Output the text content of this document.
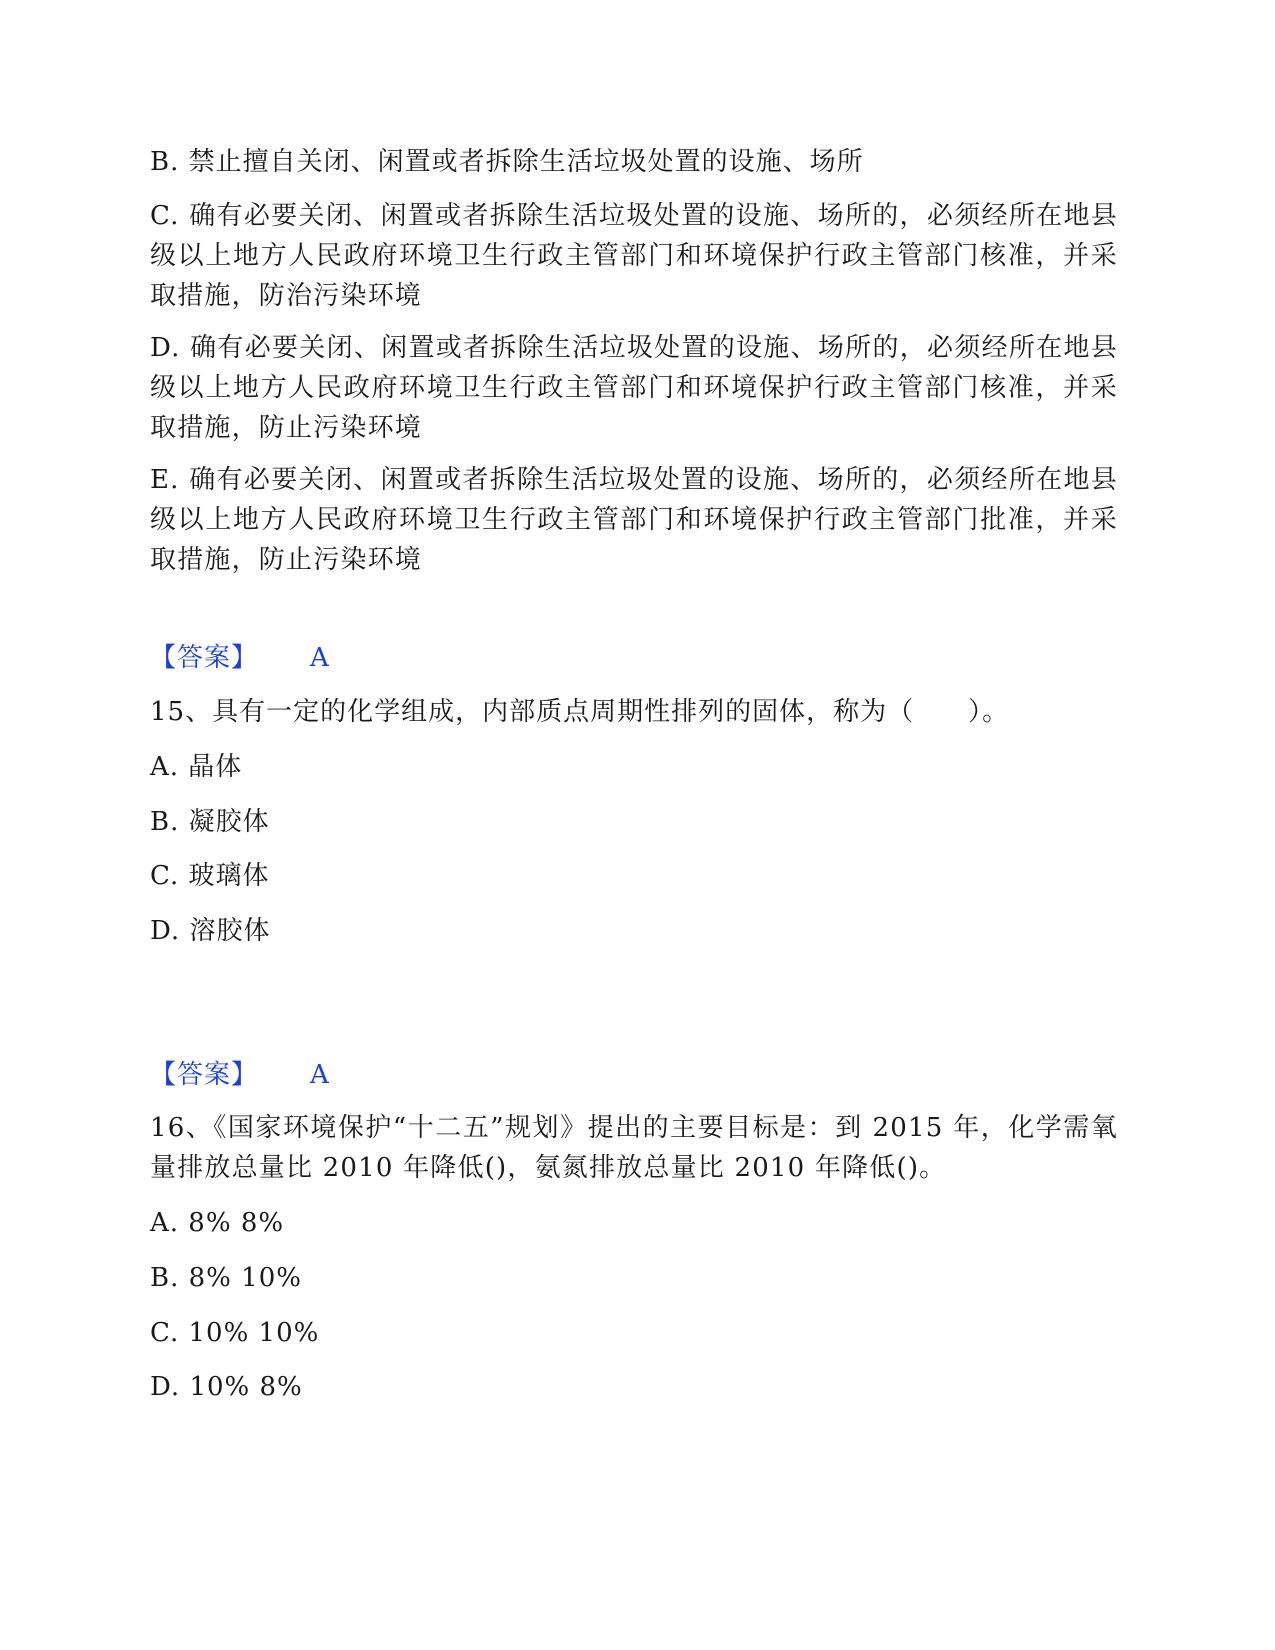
B. 禁止擅自关闭、闲置或者拆除生活垃圾处置的设施、场所
C. 确有必要关闭、闲置或者拆除生活垃圾处置的设施、场所的，必须经所在地县级以上地方人民政府环境卫生行政主管部门和环境保护行政主管部门核准，并采取措施，防治污染环境
D. 确有必要关闭、闲置或者拆除生活垃圾处置的设施、场所的，必须经所在地县级以上地方人民政府环境卫生行政主管部门和环境保护行政主管部门核准，并采取措施，防止污染环境
E. 确有必要关闭、闲置或者拆除生活垃圾处置的设施、场所的，必须经所在地县级以上地方人民政府环境卫生行政主管部门和环境保护行政主管部门批准，并采取措施，防止污染环境
【答案】 A
15、具有一定的化学组成，内部质点周期性排列的固体，称为（　　）。
A. 晶体
B. 凝胶体
C. 玻璃体
D. 溶胶体
【答案】 A
16、《国家环境保护“十二五”规划》提出的主要目标是：到 2015 年，化学需氧量排放总量比 2010 年降低()，氨氮排放总量比 2010 年降低()。
A. 8% 8%
B. 8% 10%
C. 10% 10%
D. 10% 8%
